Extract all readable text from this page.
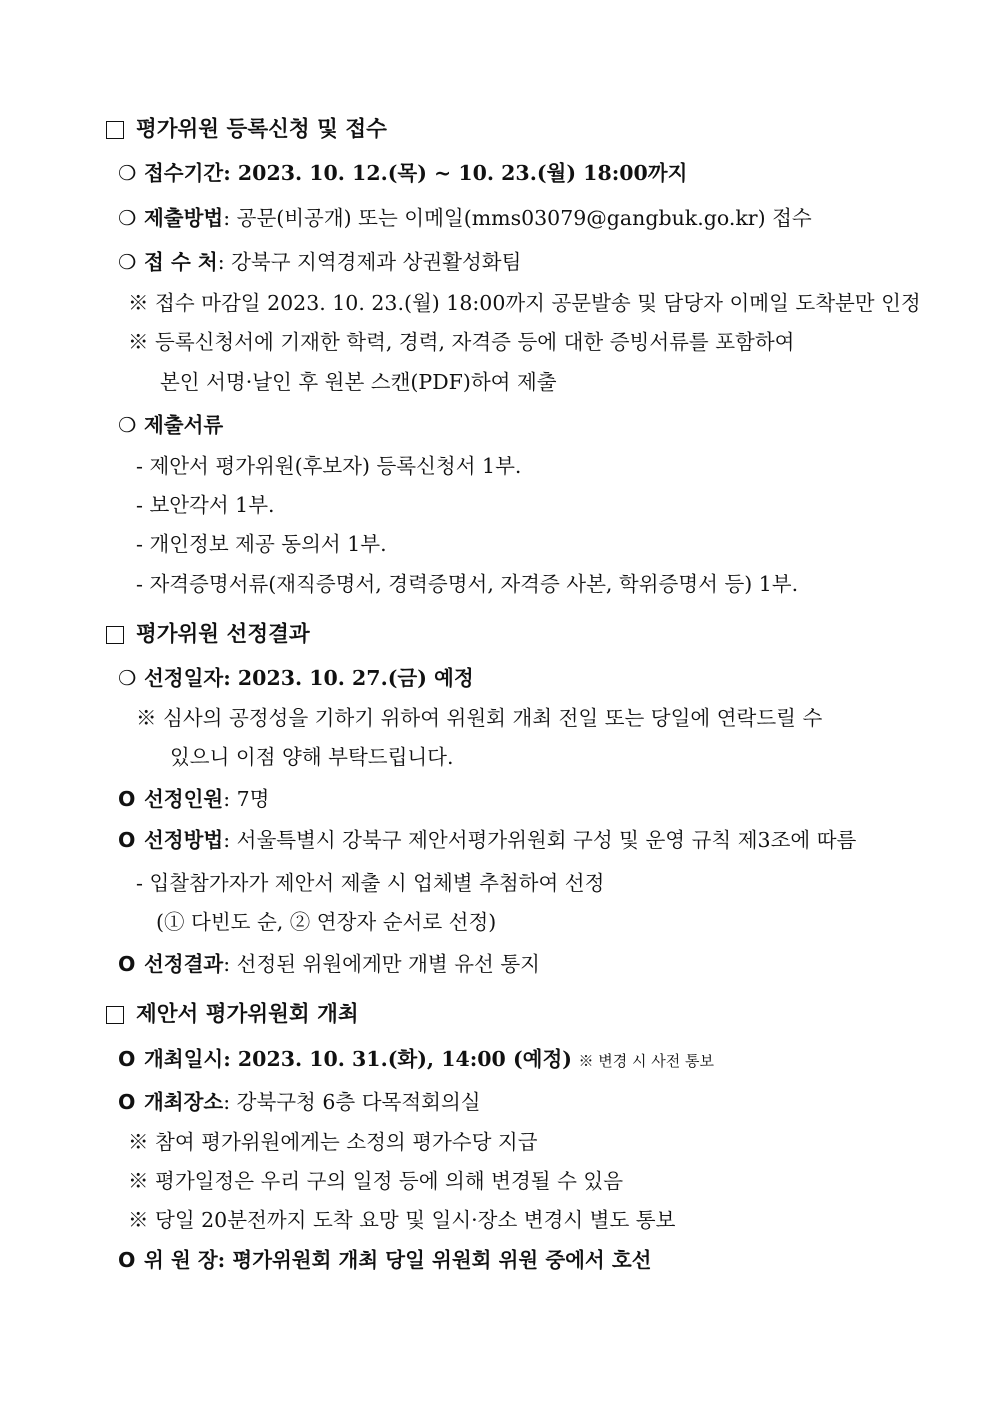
평가위원 등록신청 및 접수
❍ 접수기간: 2023. 10. 12.(목) ~ 10. 23.(월) 18:00까지
❍ 제출방법: 공문(비공개) 또는 이메일(mms03079@gangbuk.go.kr) 접수
❍ 접 수 처: 강북구 지역경제과 상권활성화팀
※ 접수 마감일 2023. 10. 23.(월) 18:00까지 공문발송 및 담당자 이메일 도착분만 인정
※ 등록신청서에 기재한 학력, 경력, 자격증 등에 대한 증빙서류를 포함하여
본인 서명·날인 후 원본 스캔(PDF)하여 제출
❍ 제출서류
- 제안서 평가위원(후보자) 등록신청서 1부.
- 보안각서 1부.
- 개인정보 제공 동의서 1부.
- 자격증명서류(재직증명서, 경력증명서, 자격증 사본, 학위증명서 등) 1부.
평가위원 선정결과
❍ 선정일자: 2023. 10. 27.(금) 예정
※ 심사의 공정성을 기하기 위하여 위원회 개최 전일 또는 당일에 연락드릴 수
있으니 이점 양해 부탁드립니다.
O 선정인원: 7명
O 선정방법: 서울특별시 강북구 제안서평가위원회 구성 및 운영 규칙 제3조에 따름
- 입찰참가자가 제안서 제출 시 업체별 추첨하여 선정
(① 다빈도 순, ② 연장자 순서로 선정)
O 선정결과: 선정된 위원에게만 개별 유선 통지
제안서 평가위원회 개최
O 개최일시: 2023. 10. 31.(화), 14:00 (예정) ※ 변경 시 사전 통보
O 개최장소: 강북구청 6층 다목적회의실
※ 참여 평가위원에게는 소정의 평가수당 지급
※ 평가일정은 우리 구의 일정 등에 의해 변경될 수 있음
※ 당일 20분전까지 도착 요망 및 일시·장소 변경시 별도 통보
O 위 원 장: 평가위원회 개최 당일 위원회 위원 중에서 호선
